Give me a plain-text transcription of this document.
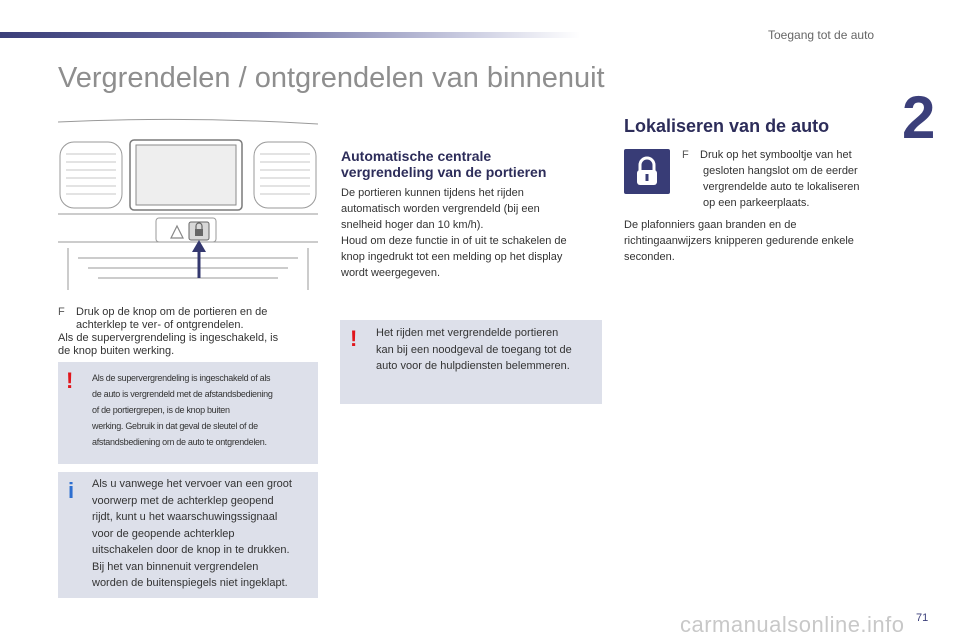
Toegang tot de auto
2
Vergrendelen / ontgrendelen van binnenuit
F	Druk op de knop om de portieren en de
achterklep te ver- of ontgrendelen.
Als de supervergrendeling is ingeschakeld, is
de knop buiten werking.
! Als de supervergrendeling is ingeschakeld of als
de auto is vergrendeld met de afstandsbediening
of de portiergrepen, is de knop buiten
werking. Gebruik in dat geval de sleutel of de
afstandsbediening om de auto te ontgrendelen.
i Als u vanwege het vervoer van een groot
voorwerp met de achterklep geopend
rijdt, kunt u het waarschuwingssignaal
voor de geopende achterklep
uitschakelen door de knop in te drukken.
Bij het van binnenuit vergrendelen
worden de buitenspiegels niet ingeklapt.
Automatische centrale
vergrendeling van de portieren
De portieren kunnen tijdens het rijden
automatisch worden vergrendeld (bij een
snelheid hoger dan 10 km/h).
Houd om deze functie in of uit te schakelen de
knop ingedrukt tot een melding op het display
wordt weergegeven.
! Het rijden met vergrendelde portieren
kan bij een noodgeval de toegang tot de
auto voor de hulpdiensten belemmeren.
Lokaliseren van de auto
F	Druk op het symbooltje van het
gesloten hangslot om de eerder
vergrendelde auto te lokaliseren
op een parkeerplaats.
De plafonniers gaan branden en de
richtingaanwijzers knipperen gedurende enkele
seconden.
carmanualsonline.info 71
